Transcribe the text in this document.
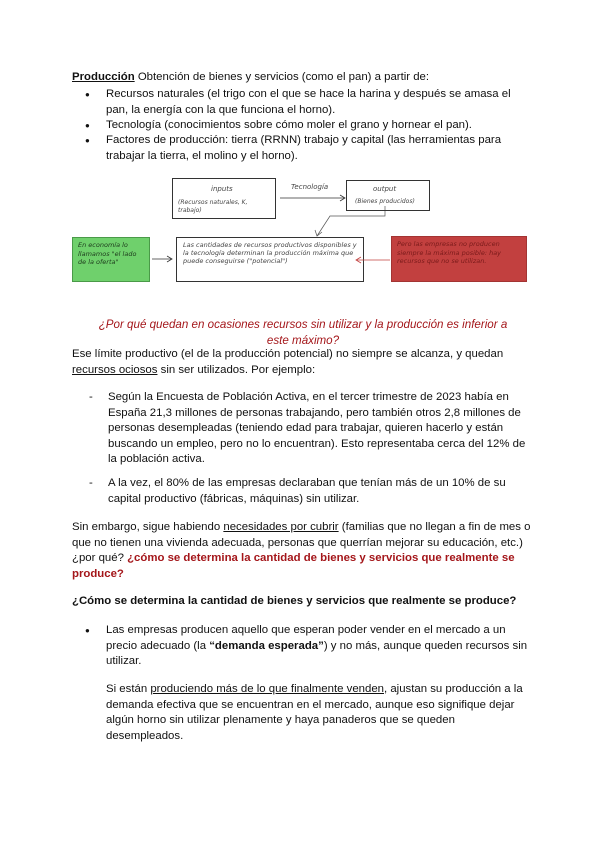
Producción Obtención de bienes y servicios (como el pan) a partir de:
● Recursos naturales (el trigo con el que se hace la harina y después se amasa el pan, la energía con la que funciona el horno).
● Tecnología (conocimientos sobre cómo moler el grano y hornear el pan).
● Factores de producción: tierra (RRNN) trabajo y capital (las herramientas para trabajar la tierra, el molino y el horno).
inputs
(Recursos naturales, K, trabajo)
Tecnología	output
(Bienes producidos)
En economía lo llamamos "el lado de la oferta"
Las cantidades de recursos productivos disponibles y la tecnología determinan la producción máxima que puede conseguirse ("potencial")
Pero las empresas no producen siempre la máxima posible: hay recursos que no se utilizan.
¿Por qué quedan en ocasiones recursos sin utilizar y la producción es inferior a este máximo?
Ese límite productivo (el de la producción potencial) no siempre se alcanza, y quedan recursos ociosos sin ser utilizados. Por ejemplo:
- Según la Encuesta de Población Activa, en el tercer trimestre de 2023 había en España 21,3 millones de personas trabajando, pero también otros 2,8 millones de personas desempleadas (teniendo edad para trabajar, quieren hacerlo y están buscando un empleo, pero no lo encuentran). Esto representaba cerca del 12% de la población activa.
- A la vez, el 80% de las empresas declaraban que tenían más de un 10% de su capital productivo (fábricas, máquinas) sin utilizar.
Sin embargo, sigue habiendo necesidades por cubrir (familias que no llegan a fin de mes o que no tienen una vivienda adecuada, personas que querrían mejorar su educación, etc.) ¿por qué? ¿cómo se determina la cantidad de bienes y servicios que realmente se produce?
¿Cómo se determina la cantidad de bienes y servicios que realmente se produce?
● Las empresas producen aquello que esperan poder vender en el mercado a un precio adecuado (la “demanda esperada”) y no más, aunque queden recursos sin utilizar.
Si están produciendo más de lo que finalmente venden, ajustan su producción a la demanda efectiva que se encuentran en el mercado, aunque eso signifique dejar algún horno sin utilizar plenamente y haya panaderos que se queden desempleados.
